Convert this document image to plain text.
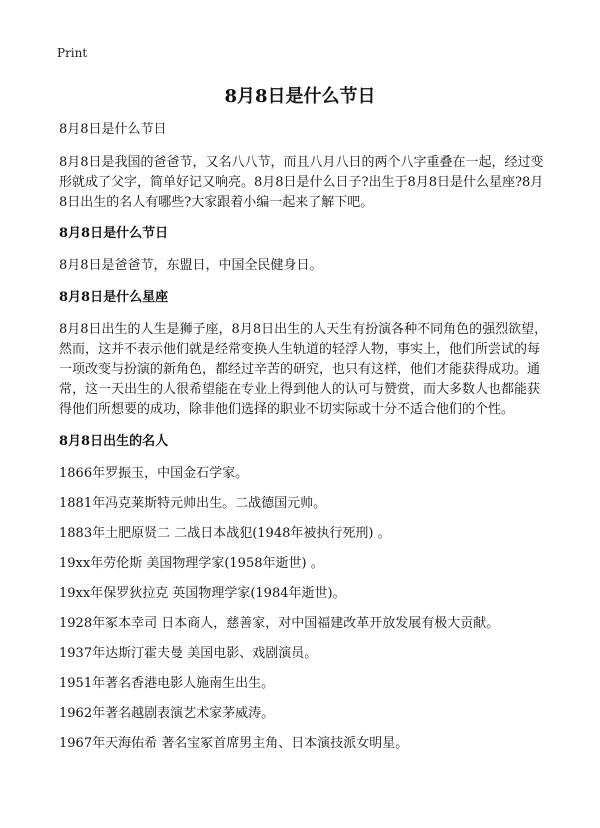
Print
8月8日是什么节日

8月8日是什么节日

8月8日是我国的爸爸节，又名八八节，而且八月八日的两个八字重叠在一起，经过变形就成了父字，简单好记又响亮。8月8日是什么日子?出生于8月8日是什么星座?8月8日出生的名人有哪些?大家跟着小编一起来了解下吧。

8月8日是什么节日

8月8日是爸爸节，东盟日，中国全民健身日。

8月8日是什么星座

8月8日出生的人生是狮子座，8月8日出生的人天生有扮演各种不同角色的强烈欲望，然而，这并不表示他们就是经常变换人生轨道的轻浮人物，事实上，他们所尝试的每一项改变与扮演的新角色，都经过辛苦的研究，也只有这样，他们才能获得成功。通常，这一天出生的人很希望能在专业上得到他人的认可与赞赏，而大多数人也都能获得他们所想要的成功，除非他们选择的职业不切实际或十分不适合他们的个性。

8月8日出生的名人

1866年罗振玉，中国金石学家。
1881年冯克莱斯特元帅出生。二战德国元帅。
1883年土肥原贤二 二战日本战犯(1948年被执行死刑) 。
19xx年劳伦斯 美国物理学家(1958年逝世) 。
19xx年保罗狄拉克 英国物理学家(1984年逝世)。
1928年冢本幸司 日本商人，慈善家，对中国福建改革开放发展有极大贡献。
1937年达斯汀霍夫曼 美国电影、戏剧演员。
1951年著名香港电影人施南生出生。
1962年著名越剧表演艺术家茅威涛。
1967年天海佑希 著名宝冢首席男主角、日本演技派女明星。
